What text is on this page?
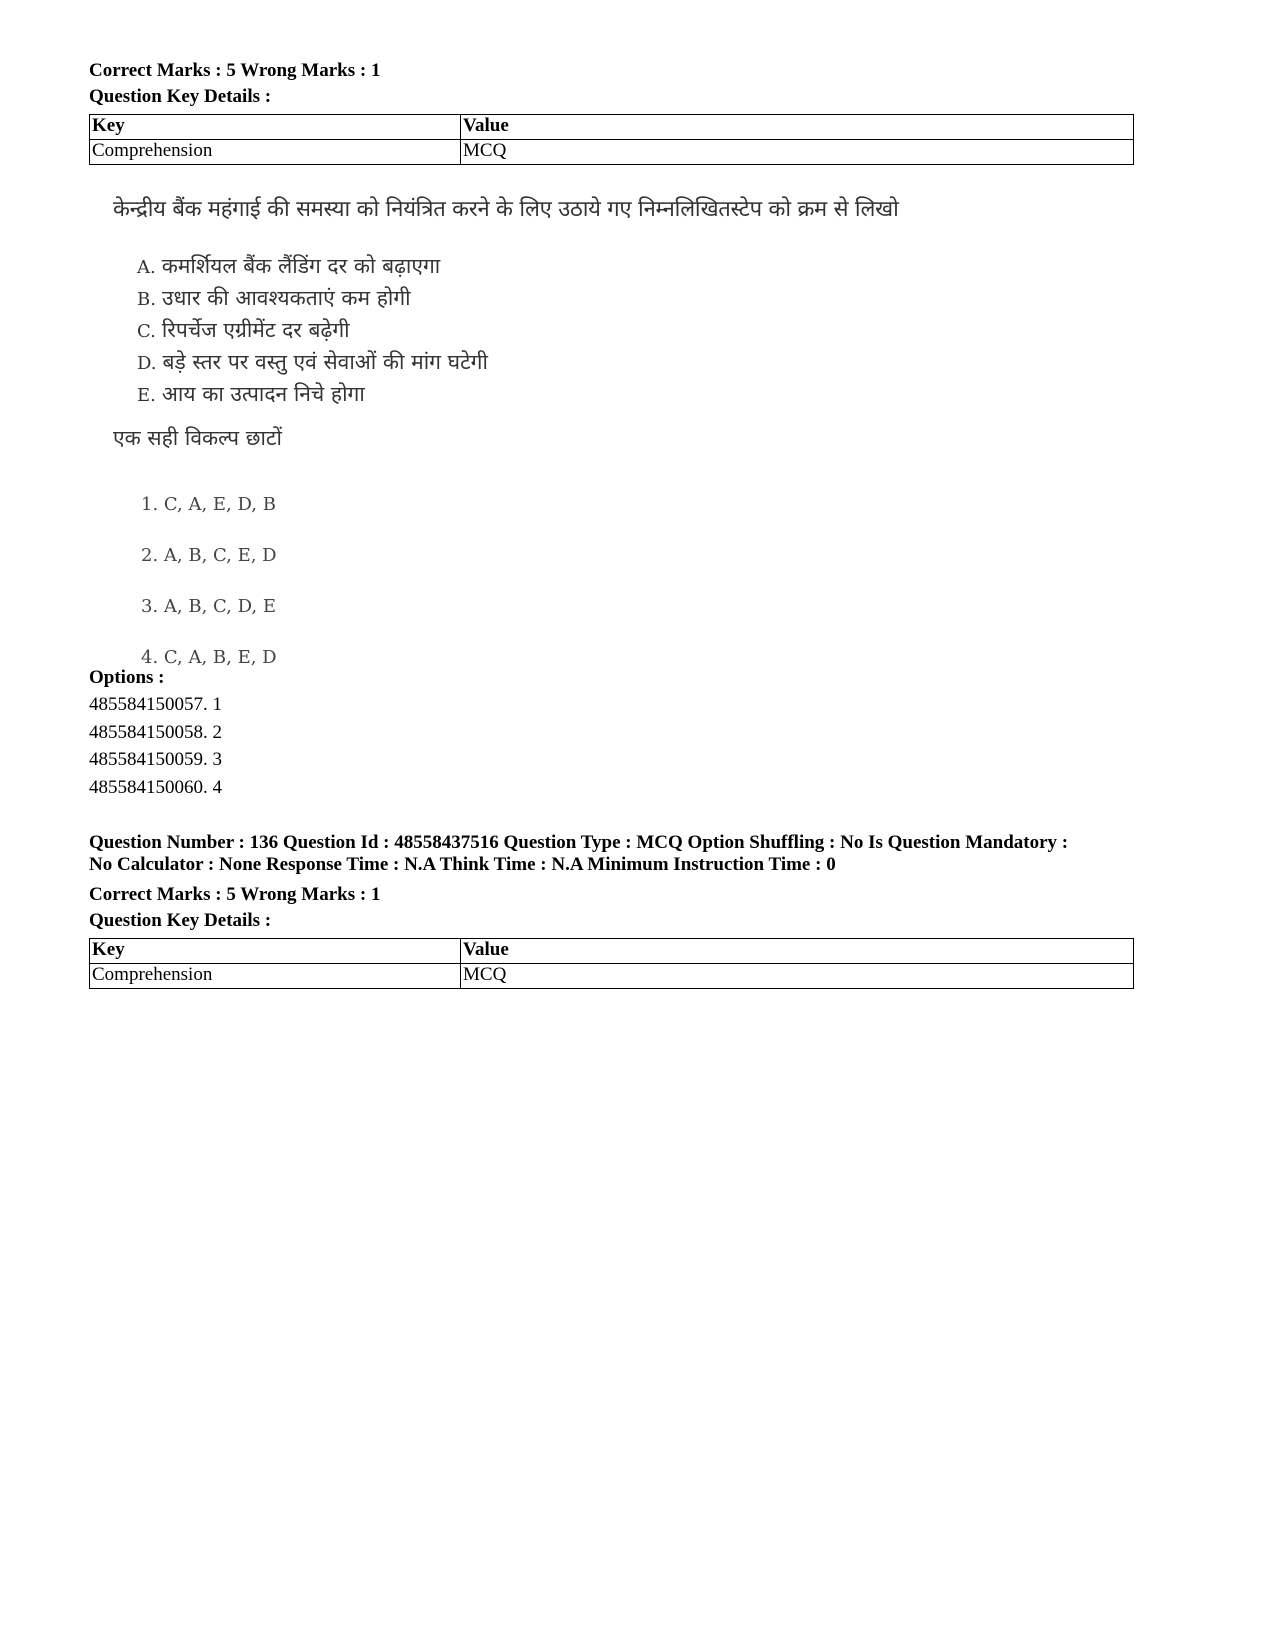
Correct Marks : 5 Wrong Marks : 1

Question Key Details :

Key	Value
Comprehension	MCQ
केन्द्रीय बैंक महंगाई की समस्या को नियंत्रित करने के लिए उठाये गए निम्नलिखितस्टेप को क्रम से लिखो
A. कमर्शियल बैंक लैंडिंग दर को बढ़ाएगा
B. उधार की आवश्यकताएं कम होगी
C. रिपर्चेज एग्रीमेंट दर बढ़ेगी
D. बड़े स्तर पर वस्तु एवं सेवाओं की मांग घटेगी
E. आय का उत्पादन निचे होगा
एक सही विकल्प छाटों
1. C, A, E, D, B
2. A, B, C, E, D
3. A, B, C, D, E
4. C, A, B, E, D
Options :
485584150057. 1
485584150058. 2
485584150059. 3
485584150060. 4
Question Number : 136 Question Id : 48558437516 Question Type : MCQ Option Shuffling : No Is Question Mandatory :
No Calculator : None Response Time : N.A Think Time : N.A Minimum Instruction Time : 0

Correct Marks : 5 Wrong Marks : 1

Question Key Details :

Key	Value
Comprehension	MCQ
